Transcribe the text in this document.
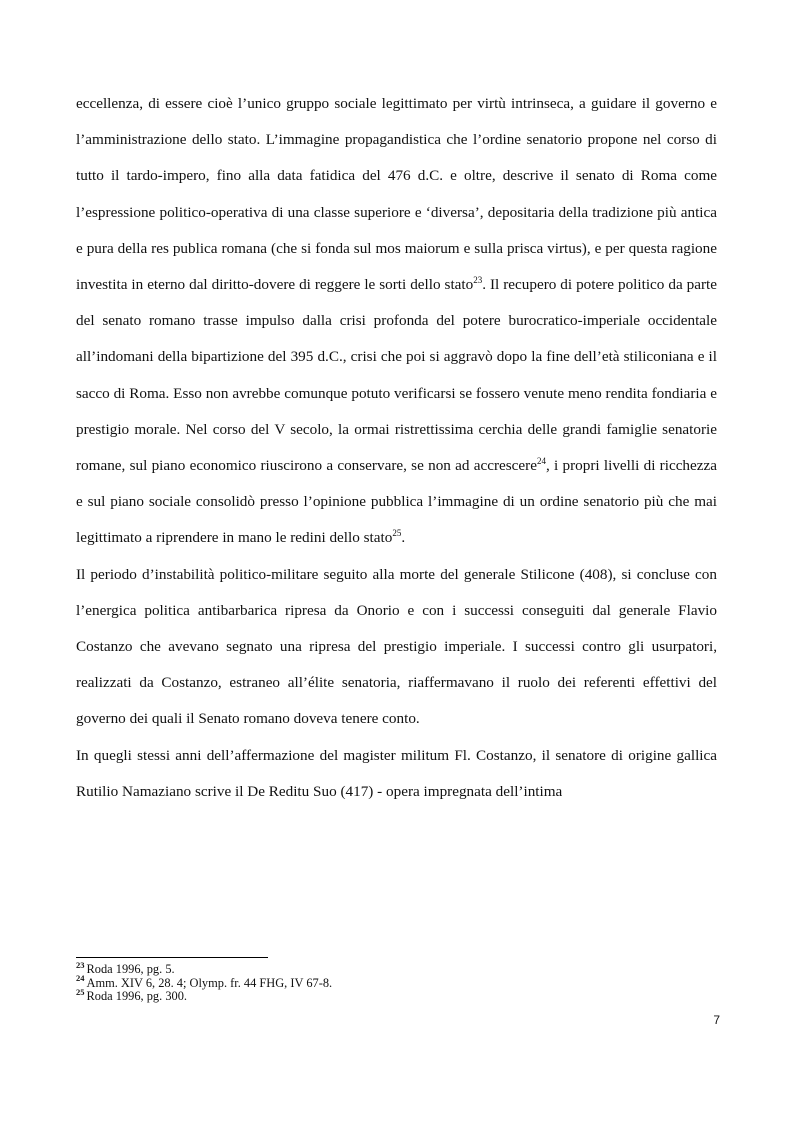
eccellenza, di essere cioè l’unico gruppo sociale legittimato per virtù intrinseca, a guidare il governo e l’amministrazione dello stato. L’immagine propagandistica che l’ordine senatorio propone nel corso di tutto il tardo-impero, fino alla data fatidica del 476 d.C. e oltre, descrive il senato di Roma come l’espressione politico-operativa di una classe superiore e ‘diversa’, depositaria della tradizione più antica e pura della res publica romana (che si fonda sul mos maiorum e sulla prisca virtus), e per questa ragione investita in eterno dal diritto-dovere di reggere le sorti dello stato$^{23}$. Il recupero di potere politico da parte del senato romano trasse impulso dalla crisi profonda del potere burocratico-imperiale occidentale all’indomani della bipartizione del 395 d.C., crisi che poi si aggravò dopo la fine dell’età stiliconiana e il sacco di Roma. Esso non avrebbe comunque potuto verificarsi se fossero venute meno rendita fondiaria e prestigio morale. Nel corso del V secolo, la ormai ristrettissima cerchia delle grandi famiglie senatorie romane, sul piano economico riuscirono a conservare, se non ad accrescere$^{24}$, i propri livelli di ricchezza e sul piano sociale consolidò presso l’opinione pubblica l’immagine di un ordine senatorio più che mai legittimato a riprendere in mano le redini dello stato$^{25}$.

Il periodo d’instabilità politico-militare seguito alla morte del generale Stilicone (408), si concluse con l’energica politica antibarbarica ripresa da Onorio e con i successi conseguiti dal generale Flavio Costanzo che avevano segnato una ripresa del prestigio imperiale. I successi contro gli usurpatori, realizzati da Costanzo, estraneo all’élite senatoria, riaffermavano il ruolo dei referenti effettivi del governo dei quali il Senato romano doveva tenere conto.

In quegli stessi anni dell’affermazione del magister militum Fl. Costanzo, il senatore di origine gallica Rutilio Namaziano scrive il De Reditu Suo (417) - opera impregnata dell’intima

$^{23}$ Roda 1996, pg. 5.
$^{24}$ Amm. XIV 6, 28. 4; Olymp. fr. 44 FHG, IV 67-8.
$^{25}$ Roda 1996, pg. 300.
7
